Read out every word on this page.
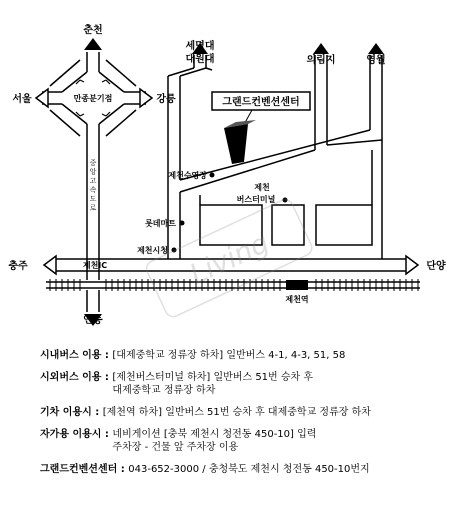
그랜드컨벤션센터
춘천
서울	강릉
만종분기점
중 앙 고 속 도 로
제천IC
충주	단양
안동
제천역
세명대
대원대	의림지	영월
제천수영장
제천
버스터미널
롯데마트
제천시청 Living
시내버스 이용 : [대제중학교 정류장 하차] 일반버스 4-1, 4-3, 51, 58
시외버스 이용 : [제천버스터미널 하차] 일반버스 51번 승차 후
대제중학교 정류장 하차
기차 이용시 : [제천역 하차] 일반버스 51번 승차 후 대제중학교 정류장 하차
자가용 이용시 : 네비게이션 [충북 제천시 청전동 450-10] 입력
주차장 - 건물 앞 주차장 이용
그랜드컨벤션센터 : 043-652-3000 / 충청북도 제천시 청전동 450-10번지
